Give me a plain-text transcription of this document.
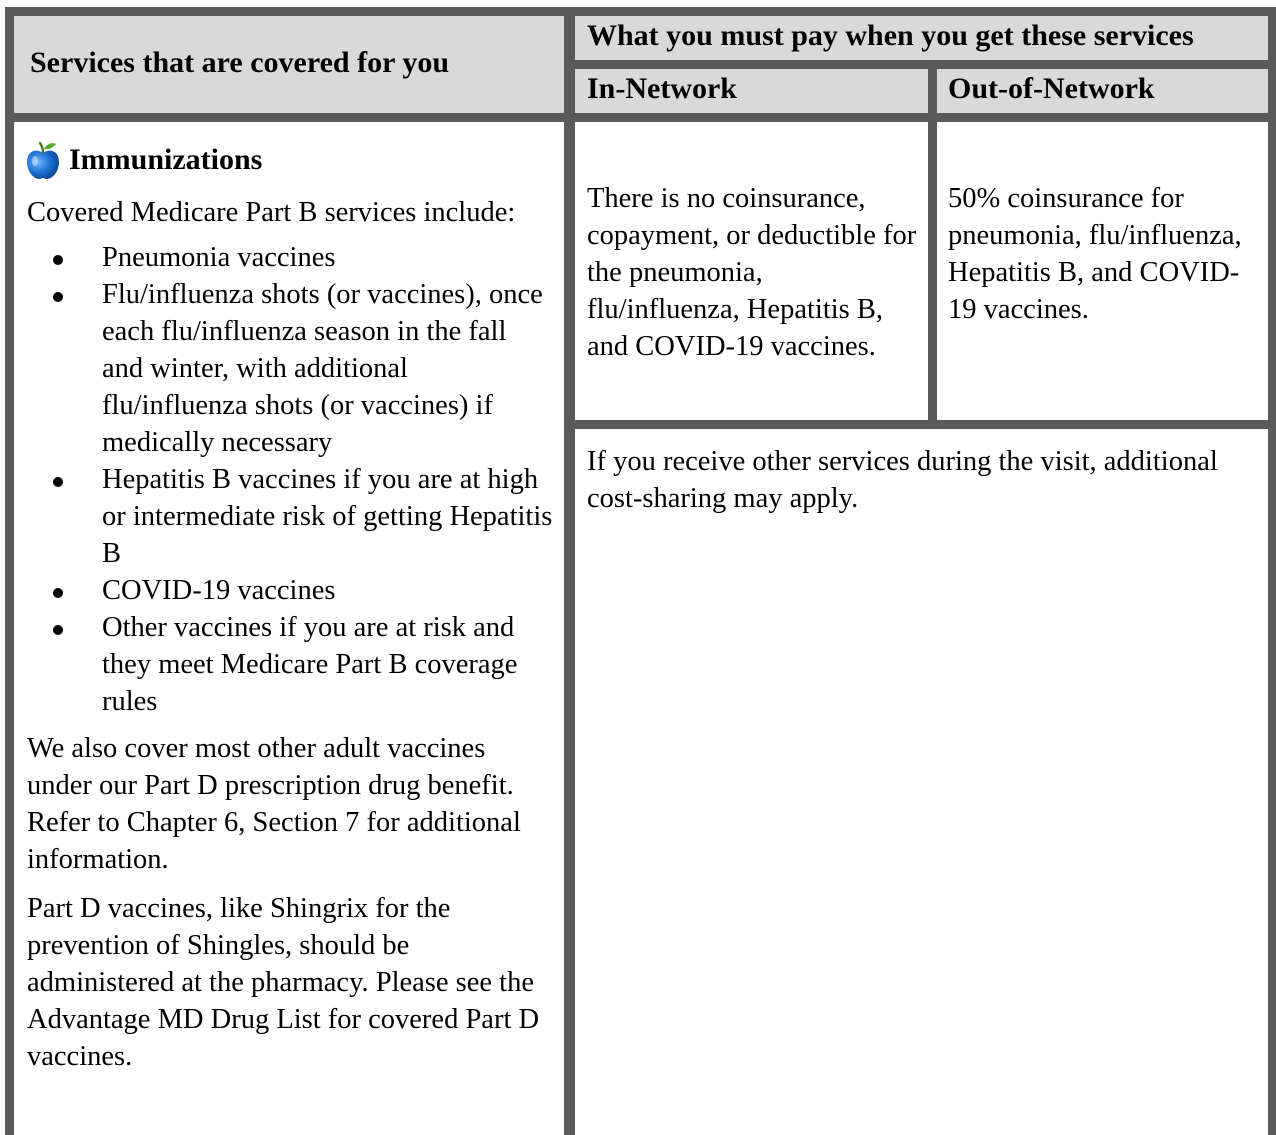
Services that are covered for you
What you must pay when you get these services
In-Network	Out-of-Network
Immunizations

Covered Medicare Part B services include:

Pneumonia vaccines
Flu/influenza shots (or vaccines), once each flu/influenza season in the fall and winter, with additional flu/influenza shots (or vaccines) if medically necessary
Hepatitis B vaccines if you are at high or intermediate risk of getting Hepatitis B
COVID-19 vaccines
Other vaccines if you are at risk and they meet Medicare Part B coverage rules

We also cover most other adult vaccines under our Part D prescription drug benefit. Refer to Chapter 6, Section 7 for additional information.

Part D vaccines, like Shingrix for the prevention of Shingles, should be administered at the pharmacy. Please see the Advantage MD Drug List for covered Part D vaccines.

There is no coinsurance, copayment, or deductible for the pneumonia, flu/influenza, Hepatitis B, and COVID-19 vaccines.

50% coinsurance for pneumonia, flu/influenza, Hepatitis B, and COVID-19 vaccines.

If you receive other services during the visit, additional cost-sharing may apply.
